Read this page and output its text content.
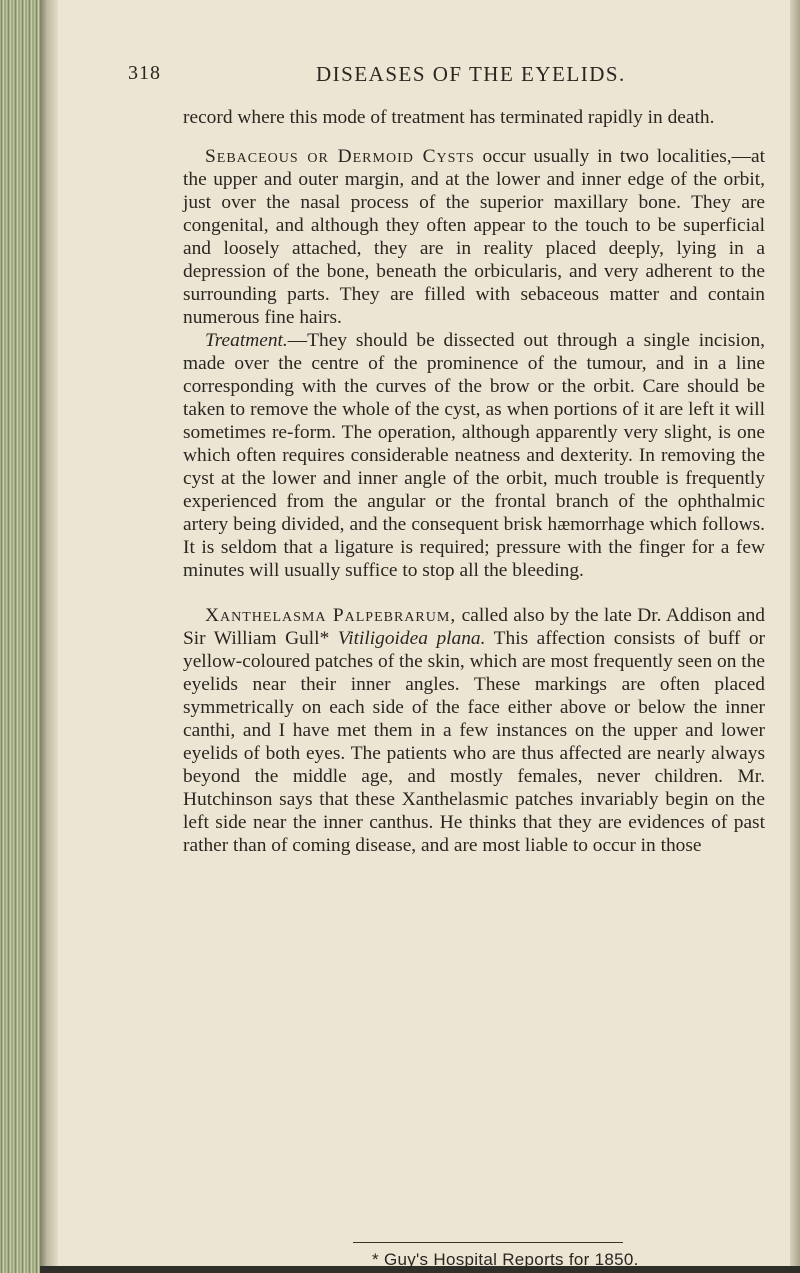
318	DISEASES OF THE EYELIDS.

record where this mode of treatment has terminated rapidly in death.

Sebaceous or Dermoid Cysts occur usually in two localities,—at the upper and outer margin, and at the lower and inner edge of the orbit, just over the nasal process of the superior maxillary bone. They are congenital, and although they often appear to the touch to be superficial and loosely attached, they are in reality placed deeply, lying in a depression of the bone, beneath the orbicularis, and very adherent to the surrounding parts. They are filled with sebaceous matter and contain numerous fine hairs.

Treatment.—They should be dissected out through a single incision, made over the centre of the prominence of the tumour, and in a line corresponding with the curves of the brow or the orbit. Care should be taken to remove the whole of the cyst, as when portions of it are left it will sometimes re-form. The operation, although apparently very slight, is one which often requires considerable neatness and dexterity. In removing the cyst at the lower and inner angle of the orbit, much trouble is frequently experienced from the angular or the frontal branch of the ophthalmic artery being divided, and the consequent brisk hæmorrhage which follows. It is seldom that a ligature is required; pressure with the finger for a few minutes will usually suffice to stop all the bleeding.

Xanthelasma Palpebrarum, called also by the late Dr. Addison and Sir William Gull* Vitiligoidea plana. This affection consists of buff or yellow-coloured patches of the skin, which are most frequently seen on the eyelids near their inner angles. These markings are often placed symmetrically on each side of the face either above or below the inner canthi, and I have met them in a few instances on the upper and lower eyelids of both eyes. The patients who are thus affected are nearly always beyond the middle age, and mostly females, never children. Mr. Hutchinson says that these Xanthelasmic patches invariably begin on the left side near the inner canthus. He thinks that they are evidences of past rather than of coming disease, and are most liable to occur in those

* Guy's Hospital Reports for 1850.
